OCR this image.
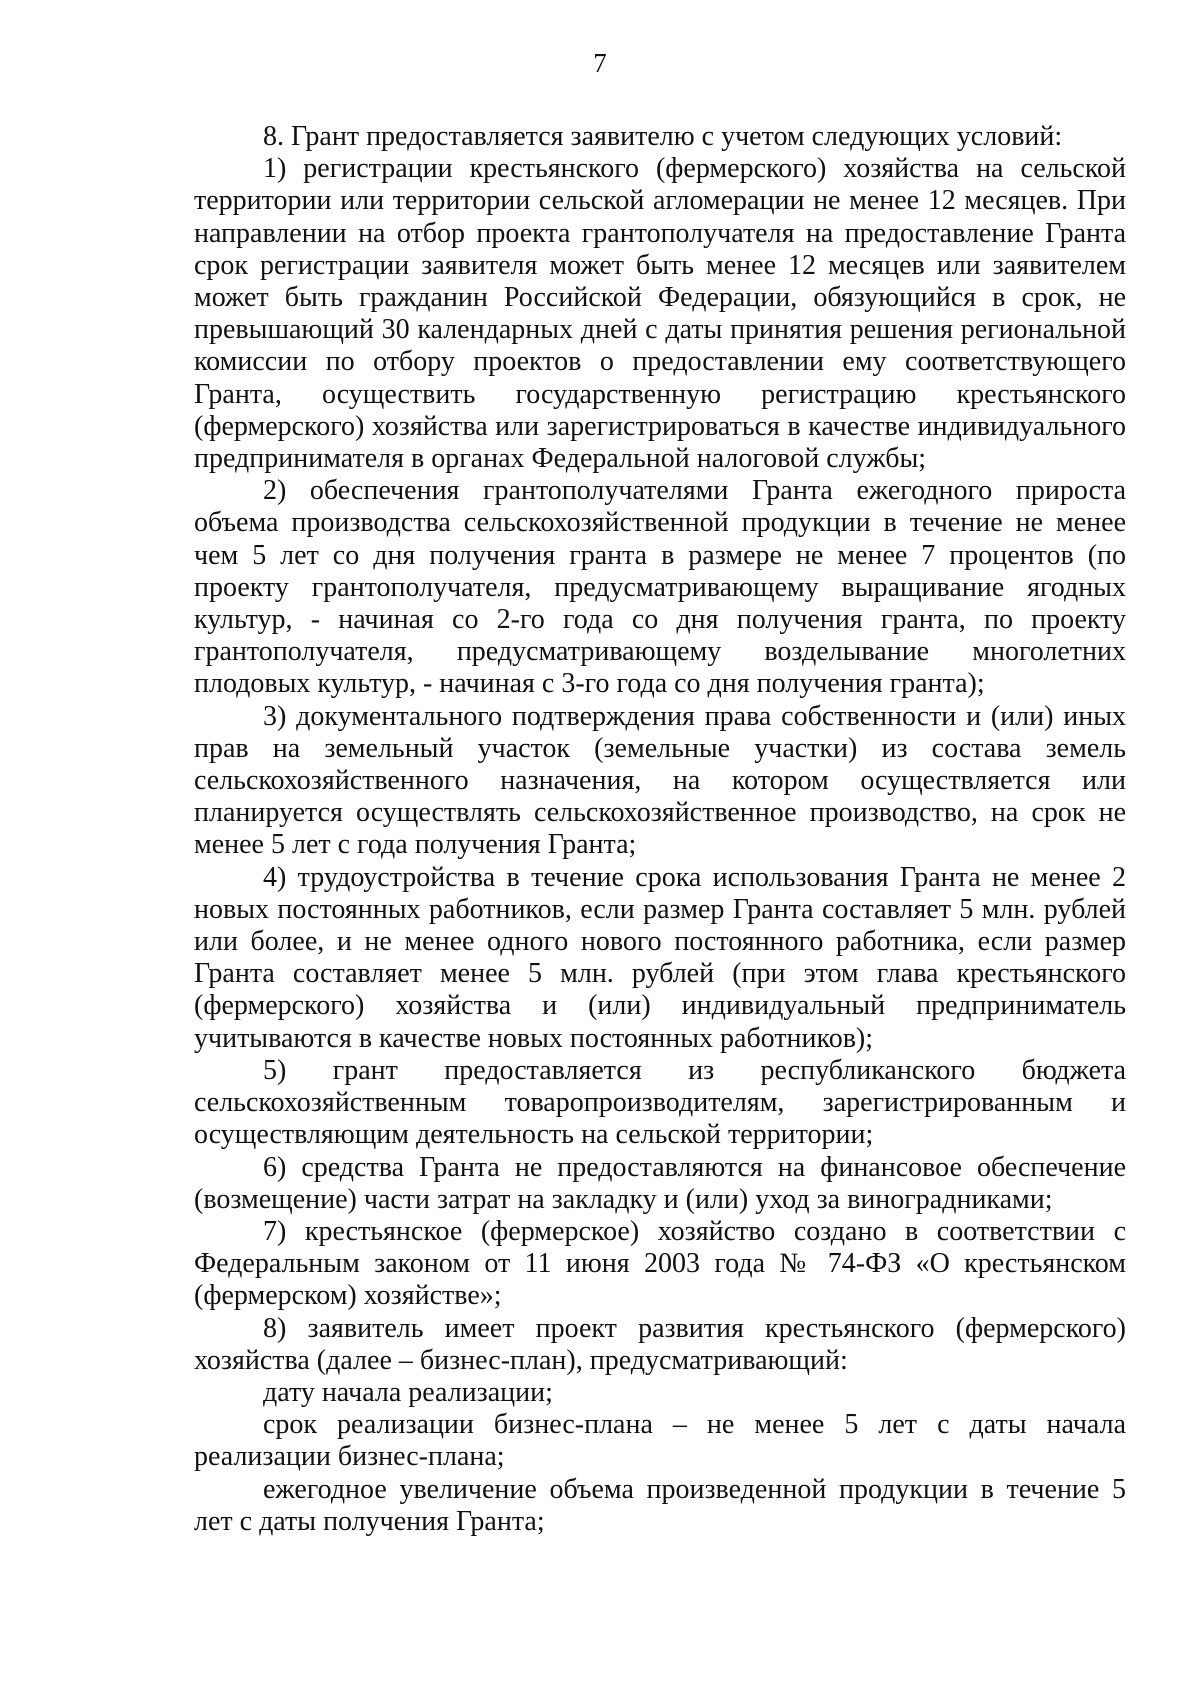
7

8. Грант предоставляется заявителю с учетом следующих условий:

1) регистрации крестьянского (фермерского) хозяйства на сельской территории или территории сельской агломерации не менее 12 месяцев. При направлении на отбор проекта грантополучателя на предоставление Гранта срок регистрации заявителя может быть менее 12 месяцев или заявителем может быть гражданин Российской Федерации, обязующийся в срок, не превышающий 30 календарных дней с даты принятия решения региональной комиссии по отбору проектов о предоставлении ему соответствующего Гранта, осуществить государственную регистрацию крестьянского (фермерского) хозяйства или зарегистрироваться в качестве индивидуального предпринимателя в органах Федеральной налоговой службы;

2) обеспечения грантополучателями Гранта ежегодного прироста объема производства сельскохозяйственной продукции в течение не менее чем 5 лет со дня получения гранта в размере не менее 7 процентов (по проекту грантополучателя, предусматривающему выращивание ягодных культур, - начиная со 2-го года со дня получения гранта, по проекту грантополучателя, предусматривающему возделывание многолетних плодовых культур, - начиная с 3-го года со дня получения гранта);

3) документального подтверждения права собственности и (или) иных прав на земельный участок (земельные участки) из состава земель сельскохозяйственного назначения, на котором осуществляется или планируется осуществлять сельскохозяйственное производство, на срок не менее 5 лет с года получения Гранта;

4) трудоустройства в течение срока использования Гранта не менее 2 новых постоянных работников, если размер Гранта составляет 5 млн. рублей или более, и не менее одного нового постоянного работника, если размер Гранта составляет менее 5 млн. рублей (при этом глава крестьянского (фермерского) хозяйства и (или) индивидуальный предприниматель учитываются в качестве новых постоянных работников);

5) грант предоставляется из республиканского бюджета сельскохозяйственным товаропроизводителям, зарегистрированным и осуществляющим деятельность на сельской территории;

6) средства Гранта не предоставляются на финансовое обеспечение (возмещение) части затрат на закладку и (или) уход за виноградниками;

7) крестьянское (фермерское) хозяйство создано в соответствии с Федеральным законом от 11 июня 2003 года № 74-ФЗ «О крестьянском (фермерском) хозяйстве»;

8) заявитель имеет проект развития крестьянского (фермерского) хозяйства (далее – бизнес-план), предусматривающий:

дату начала реализации;

срок реализации бизнес-плана – не менее 5 лет с даты начала реализации бизнес-плана;

ежегодное увеличение объема произведенной продукции в течение 5 лет с даты получения Гранта;
